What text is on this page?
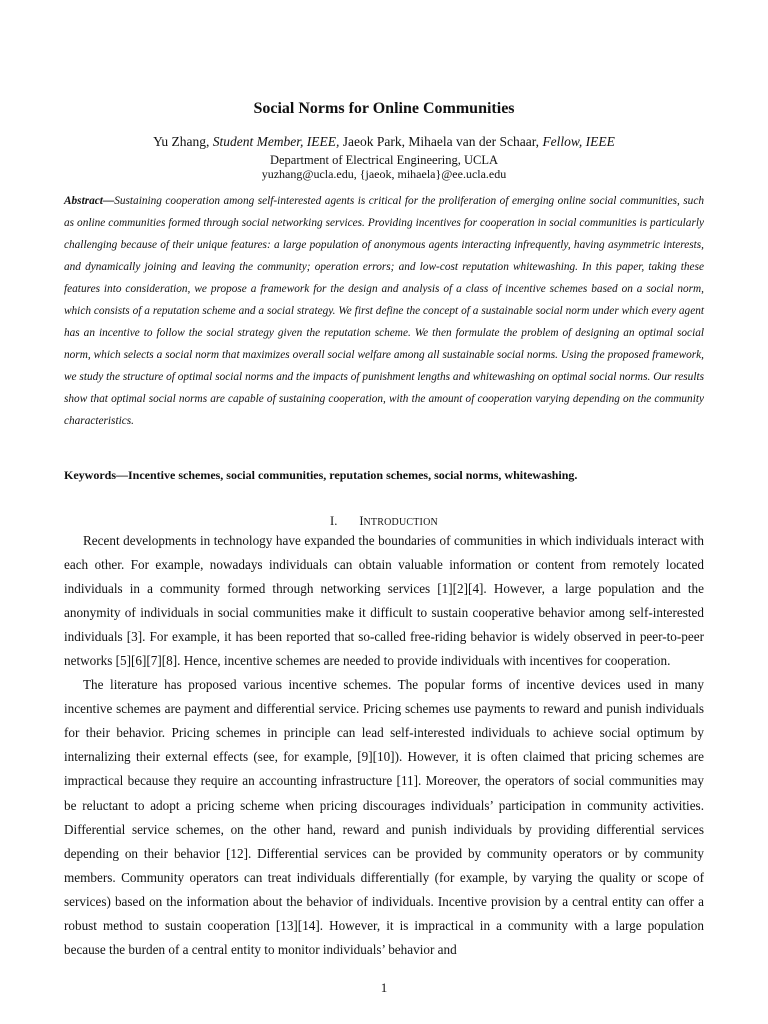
Social Norms for Online Communities
Yu Zhang, Student Member, IEEE, Jaeok Park, Mihaela van der Schaar, Fellow, IEEE
Department of Electrical Engineering, UCLA
yuzhang@ucla.edu, {jaeok, mihaela}@ee.ucla.edu
Abstract—Sustaining cooperation among self-interested agents is critical for the proliferation of emerging online social communities, such as online communities formed through social networking services. Providing incentives for cooperation in social communities is particularly challenging because of their unique features: a large population of anonymous agents interacting infrequently, having asymmetric interests, and dynamically joining and leaving the community; operation errors; and low-cost reputation whitewashing. In this paper, taking these features into consideration, we propose a framework for the design and analysis of a class of incentive schemes based on a social norm, which consists of a reputation scheme and a social strategy. We first define the concept of a sustainable social norm under which every agent has an incentive to follow the social strategy given the reputation scheme. We then formulate the problem of designing an optimal social norm, which selects a social norm that maximizes overall social welfare among all sustainable social norms. Using the proposed framework, we study the structure of optimal social norms and the impacts of punishment lengths and whitewashing on optimal social norms. Our results show that optimal social norms are capable of sustaining cooperation, with the amount of cooperation varying depending on the community characteristics.
Keywords—Incentive schemes, social communities, reputation schemes, social norms, whitewashing.
I. INTRODUCTION

Recent developments in technology have expanded the boundaries of communities in which individuals interact with each other. For example, nowadays individuals can obtain valuable information or content from remotely located individuals in a community formed through networking services [1][2][4]. However, a large population and the anonymity of individuals in social communities make it difficult to sustain cooperative behavior among self-interested individuals [3]. For example, it has been reported that so-called free-riding behavior is widely observed in peer-to-peer networks [5][6][7][8]. Hence, incentive schemes are needed to provide individuals with incentives for cooperation.

The literature has proposed various incentive schemes. The popular forms of incentive devices used in many incentive schemes are payment and differential service. Pricing schemes use payments to reward and punish individuals for their behavior. Pricing schemes in principle can lead self-interested individuals to achieve social optimum by internalizing their external effects (see, for example, [9][10]). However, it is often claimed that pricing schemes are impractical because they require an accounting infrastructure [11]. Moreover, the operators of social communities may be reluctant to adopt a pricing scheme when pricing discourages individuals’ participation in community activities. Differential service schemes, on the other hand, reward and punish individuals by providing differential services depending on their behavior [12]. Differential services can be provided by community operators or by community members. Community operators can treat individuals differentially (for example, by varying the quality or scope of services) based on the information about the behavior of individuals. Incentive provision by a central entity can offer a robust method to sustain cooperation [13][14]. However, it is impractical in a community with a large population because the burden of a central entity to monitor individuals’ behavior and

1
